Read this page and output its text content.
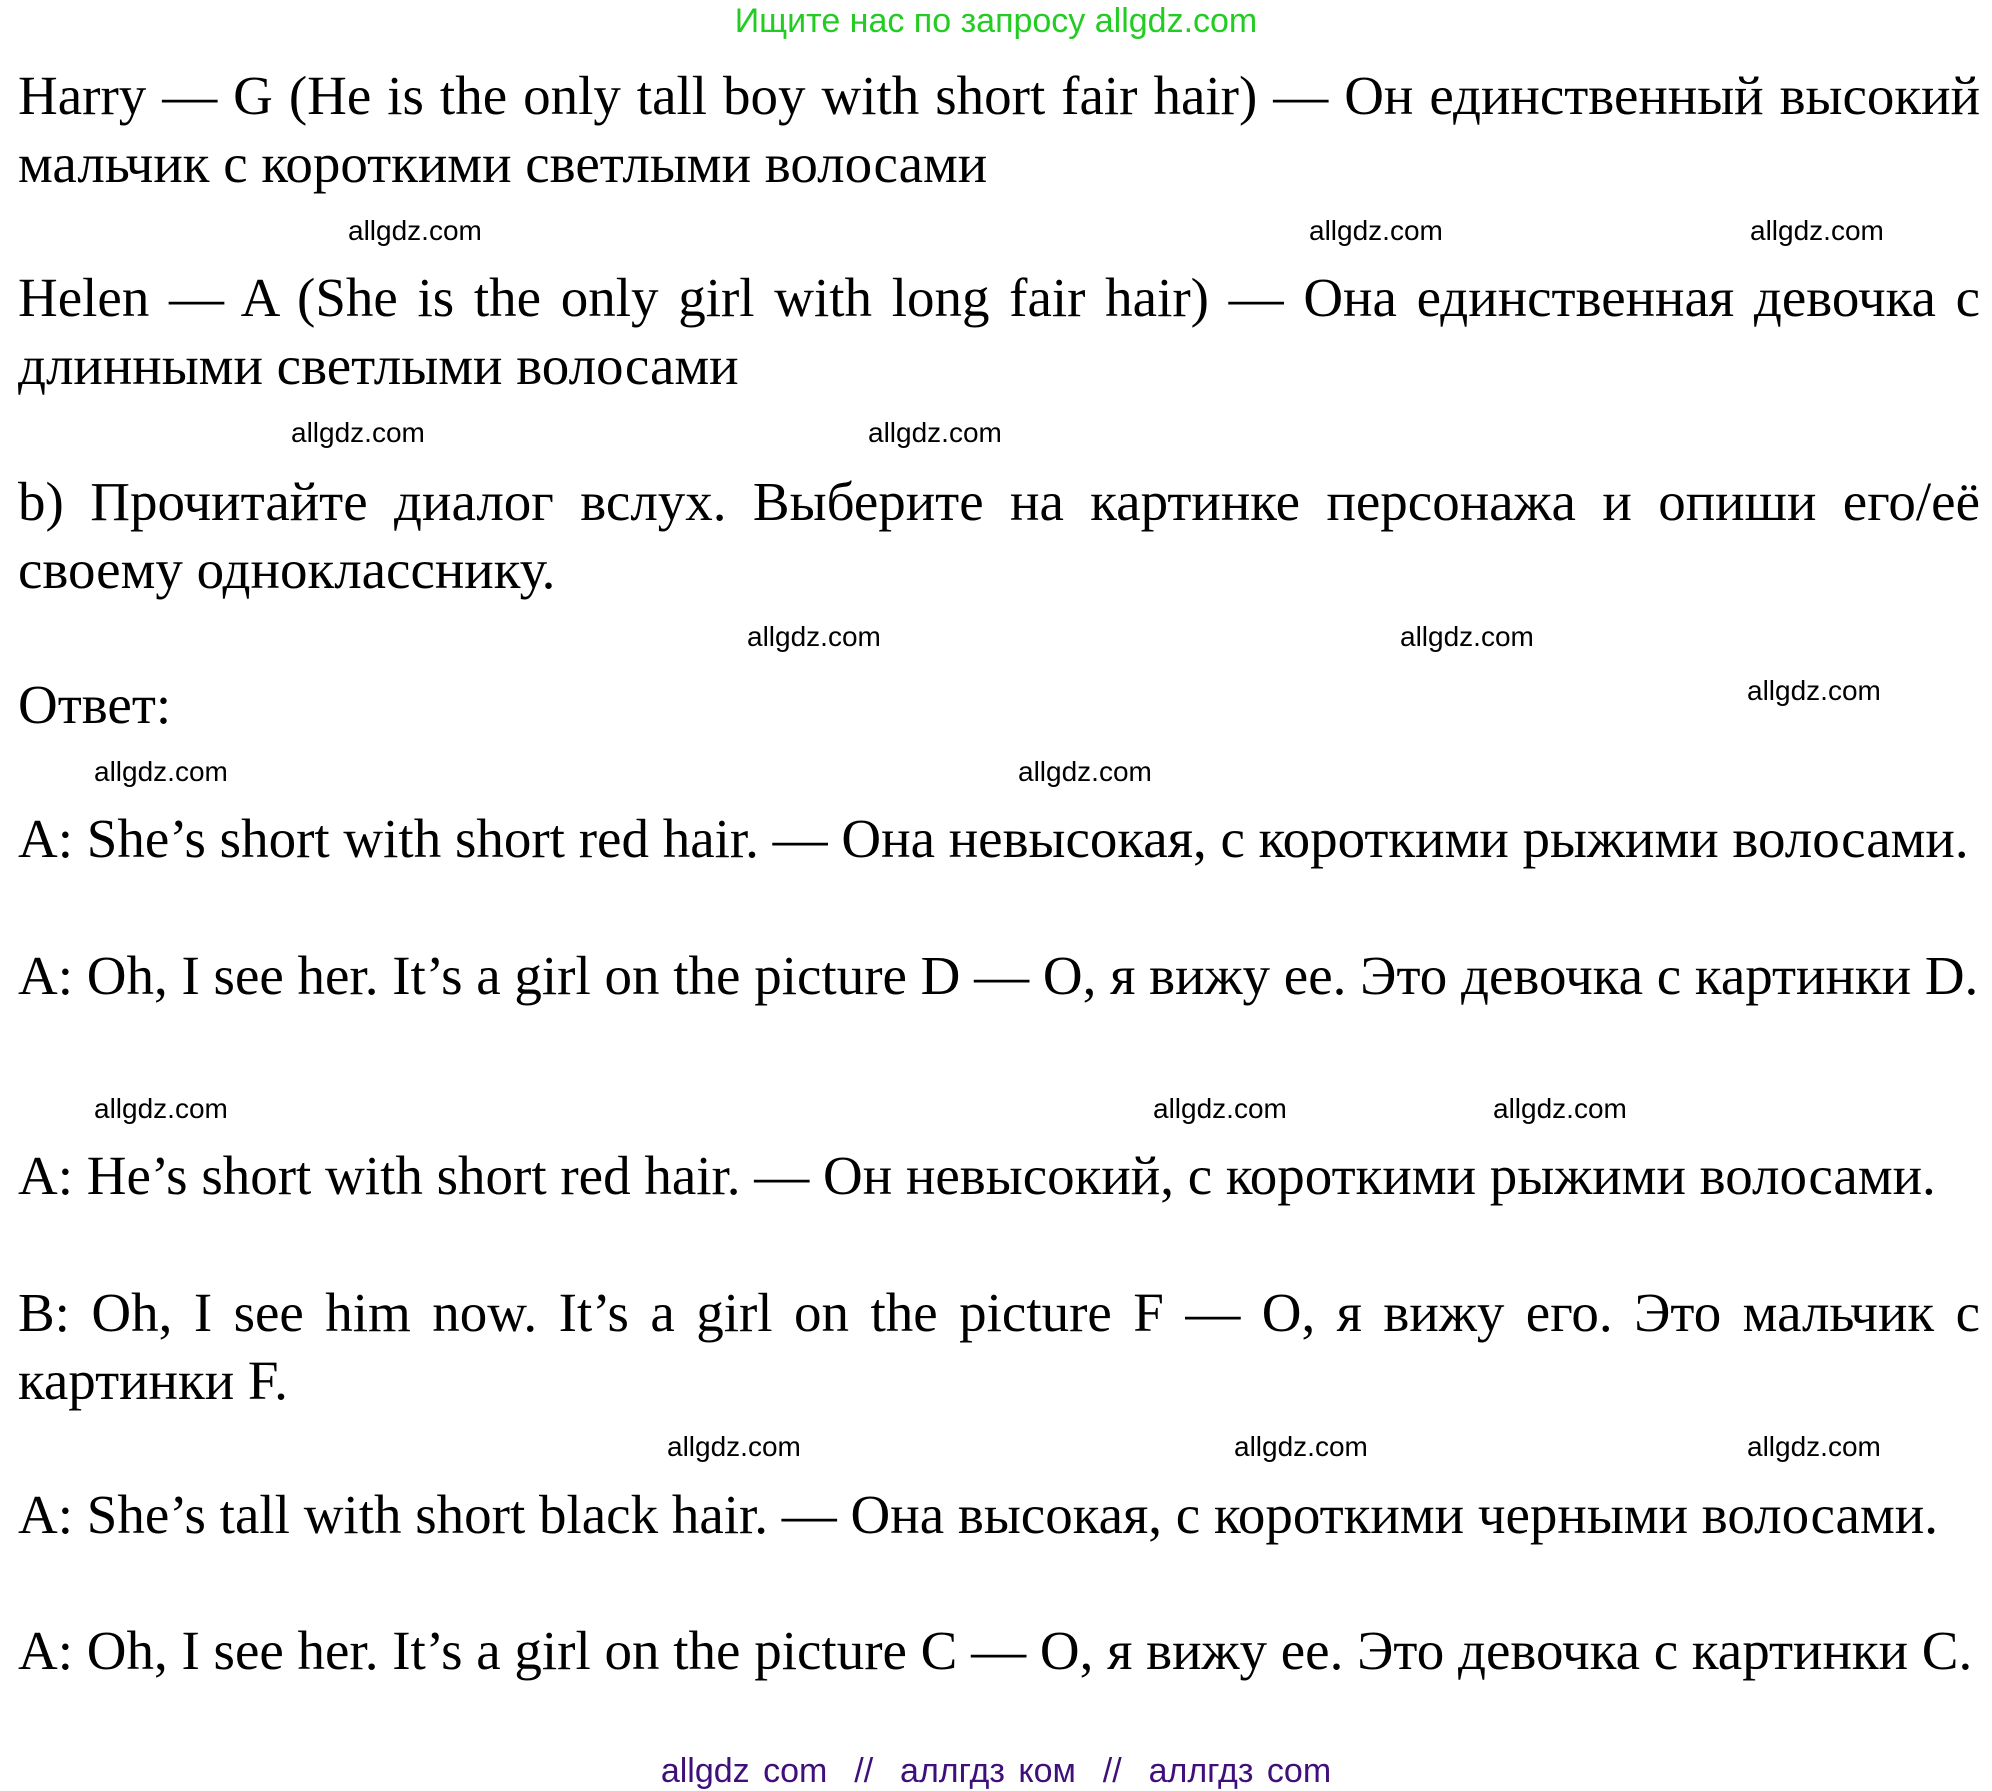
Ищите нас по запросу allgdz.com

Harry — G (He is the only tall boy with short fair hair) — Он единственный высокий мальчик с короткими светлыми волосами

Helen — A (She is the only girl with long fair hair) — Она единственная девочка с длинными светлыми волосами

b) Прочитайте диалог вслух. Выберите на картинке персонажа и опиши его/её своему однокласснику.

Ответ:

A: She’s short with short red hair. — Она невысокая, с короткими рыжими волосами.

A: Oh, I see her. It’s a girl on the picture D — О, я вижу ее. Это девочка с картинки D.

A: He’s short with short red hair. — Он невысокий, с короткими рыжими волосами.

B: Oh, I see him now. It’s a girl on the picture F — О, я вижу его. Это мальчик с картинки F.

A: She’s tall with short black hair. — Она высокая, с короткими черными волосами.

A: Oh, I see her. It’s a girl on the picture C — О, я вижу ее. Это девочка с картинки C.

allgdz.com
allgdz.com
allgdz.com
allgdz.com
allgdz.com
allgdz.com
allgdz.com	allgdz.com
allgdz.com
allgdz.com	allgdz.com
allgdz.com	allgdz.com
allgdz.com
allgdz.com
allgdz.com
allgdz com  //  аллгдз ком  //  аллгдз com
